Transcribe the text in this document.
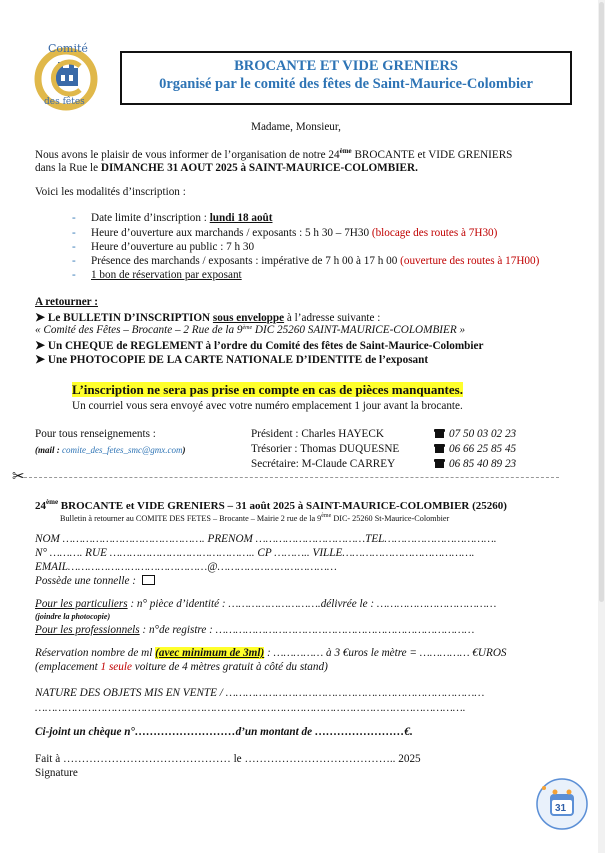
Comité
des fêtes
BROCANTE ET VIDE GRENIERS
0rganisé par le comité des fêtes de Saint-Maurice-Colombier
Madame, Monsieur,
Nous avons le plaisir de vous informer de l’organisation de notre 24ème BROCANTE et VIDE GRENIERS
dans la Rue le DIMANCHE 31 AOUT 2025 à SAINT-MAURICE-COLOMBIER.
Voici les modalités d’inscription :
- Date limite d’inscription : lundi 18 août
- Heure d’ouverture aux marchands / exposants : 5 h 30 – 7H30 (blocage des routes à 7H30)
- Heure d’ouverture au public : 7 h 30
- Présence des marchands / exposants : impérative de 7 h 00 à 17 h 00 (ouverture des routes à 17H00)
- 1 bon de réservation par exposant
A retourner :
➤ Le BULLETIN D’INSCRIPTION sous enveloppe à l’adresse suivante :
« Comité des Fêtes – Brocante – 2 Rue de la 9ème DIC 25260 SAINT-MAURICE-COLOMBIER »
➤ Un CHEQUE de REGLEMENT à l’ordre du Comité des fêtes de Saint-Maurice-Colombier
➤ Une PHOTOCOPIE DE LA CARTE NATIONALE D’IDENTITE de l’exposant
L’inscription ne sera pas prise en compte en cas de pièces manquantes.
Un courriel vous sera envoyé avec votre numéro emplacement 1 jour avant la brocante.
Pour tous renseignements :
(mail : comite_des_fetes_smc@gmx.com)
Président : Charles HAYECK
Trésorier : Thomas DUQUESNE
Secrétaire: M-Claude CARREY
07 50 03 02 23
06 66 25 85 45
06 85 40 89 23
✂
24ème BROCANTE et VIDE GRENIERS – 31 août 2025 à SAINT-MAURICE-COLOMBIER (25260)
Bulletin à retourner au COMITE DES FETES – Brocante – Mairie 2 rue de la 9ème DIC- 25260 St-Maurice-Colombier
NOM ……………………………………. PRENOM ……………………………TEL…………………………….
N° ………. RUE …………………………………….. CP ……….. VILLE………………………………….
EMAIL……………………………………@………………………………
Possède une tonnelle :
Pour les particuliers : n° pièce d’identité : ……………………….délivrée le : ………………………………
(joindre la photocopie)
Pour les professionnels : n°de registre : ……………………………………………………………………
Réservation nombre de ml (avec minimum de 3ml) : …………… à 3 €uros le mètre = …………… €UROS
(emplacement 1 seule voiture de 4 mètres gratuit à côté du stand)
NATURE DES OBJETS MIS EN VENTE / ……………………………………………………………………
………………………………………………………………………………………………………………….
Ci-joint un chèque n°………………………d’un montant de ……………………€.
Fait à ……………………………………… le ………………………………….. 2025
Signature
31
